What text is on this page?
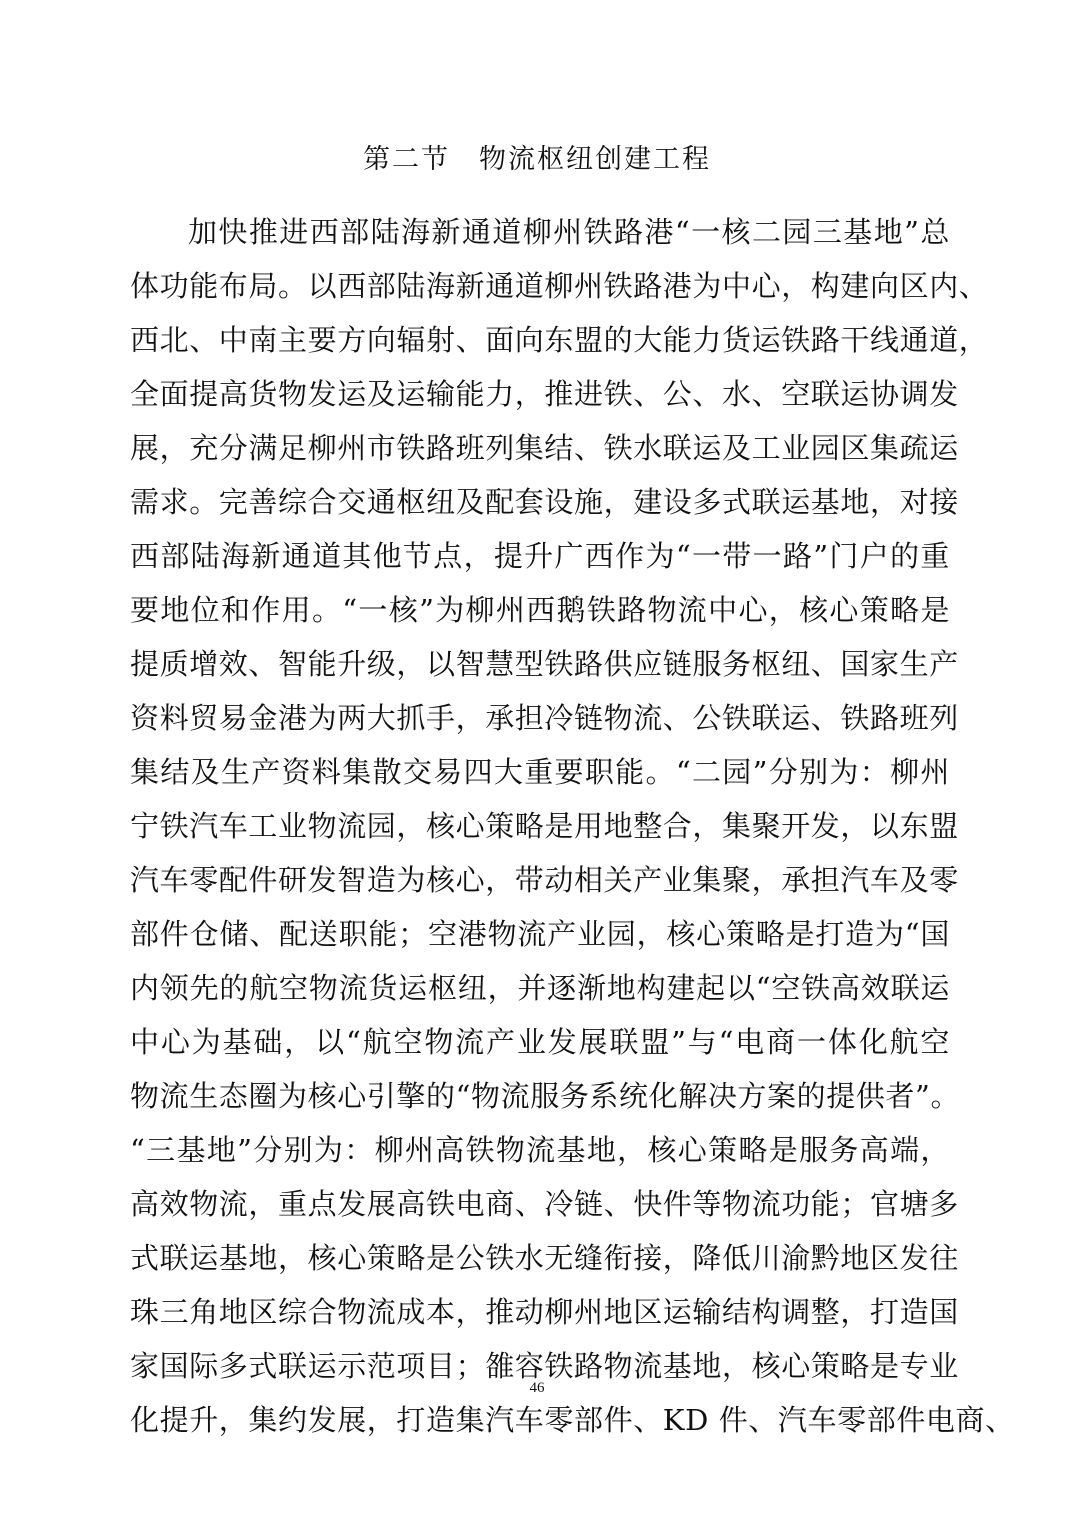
第二节　物流枢纽创建工程
加快推进西部陆海新通道柳州铁路港“一核二园三基地”总
体功能布局。以西部陆海新通道柳州铁路港为中心，构建向区内、
西北、中南主要方向辐射、面向东盟的大能力货运铁路干线通道，
全面提高货物发运及运输能力，推进铁、公、水、空联运协调发
展，充分满足柳州市铁路班列集结、铁水联运及工业园区集疏运
需求。完善综合交通枢纽及配套设施，建设多式联运基地，对接
西部陆海新通道其他节点，提升广西作为“一带一路”门户的重
要地位和作用。“一核”为柳州西鹅铁路物流中心，核心策略是
提质增效、智能升级，以智慧型铁路供应链服务枢纽、国家生产
资料贸易金港为两大抓手，承担冷链物流、公铁联运、铁路班列
集结及生产资料集散交易四大重要职能。“二园”分别为：柳州
宁铁汽车工业物流园，核心策略是用地整合，集聚开发，以东盟
汽车零配件研发智造为核心，带动相关产业集聚，承担汽车及零
部件仓储、配送职能；空港物流产业园，核心策略是打造为“国
内领先的航空物流货运枢纽，并逐渐地构建起以“空铁高效联运
中心为基础，以“航空物流产业发展联盟”与“电商一体化航空
物流生态圈为核心引擎的“物流服务系统化解决方案的提供者”。
“三基地”分别为：柳州高铁物流基地，核心策略是服务高端，
高效物流，重点发展高铁电商、冷链、快件等物流功能；官塘多
式联运基地，核心策略是公铁水无缝衔接，降低川渝黔地区发往
珠三角地区综合物流成本，推动柳州地区运输结构调整，打造国
家国际多式联运示范项目；雒容铁路物流基地，核心策略是专业
化提升，集约发展，打造集汽车零部件、KD 件、汽车零部件电商、
46
